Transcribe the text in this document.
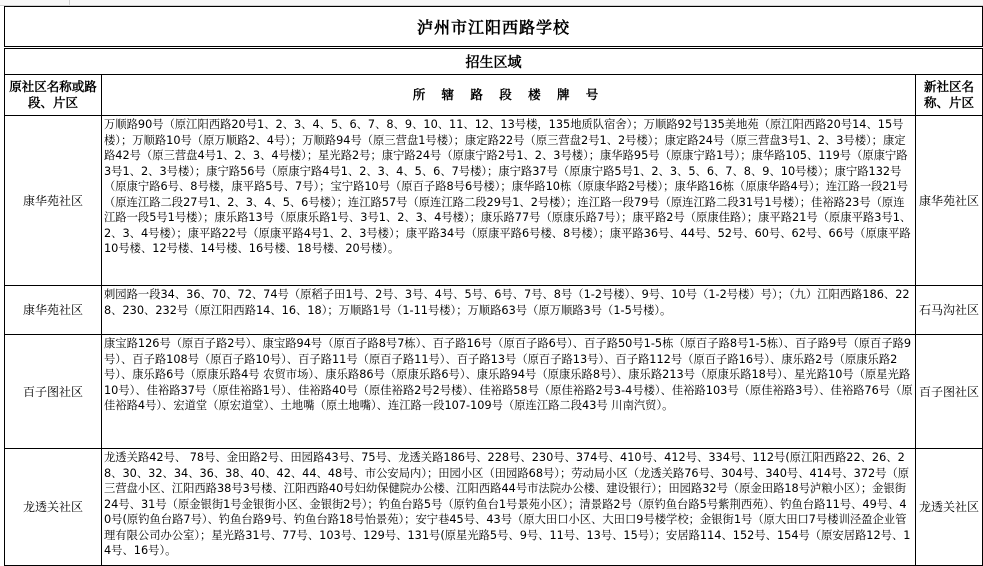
泸州市江阳西路学校		
招生区域		
原社区名称或路段、片区	所 辖 路 段 楼 牌 号	新社区名称、片区
康华苑社区	万顺路90号（原江阳西路20号1、2、3、4、5、6、7、8、9、10、11、12、13号楼，135地质队宿舍）；万顺路92号135美地苑（原江阳西路20号14、15号楼）；万顺路10号（原万顺路2、4号）；万顺路94号（原三营盘1号楼）；康定路22号（原三营盘2号1、2号楼）；康定路24号（原三营盘3号1、2、3号楼）；康定路42号（原三营盘4号1、2、3、4号楼）；星光路2号；康宁路24号（原康宁路2号1、2、3号楼）；康华路95号（原康宁路1号）；康华路105、119号（原康宁路3号1、2、3号楼）；康宁路56号（原康宁路4号1、2、3、4、5、6、7号楼）；康宁路37号（原康宁路5号1、2、3、5、6、7、8、9、10号楼）；康宁路132号（原康宁路6号、8号楼，康平路5号、7号）；宝宁路10号（原百子路8号6号楼）；康华路10栋（原康华路2号楼）；康华路16栋（原康华路4号）；连江路一段21号（原连江路二段27号1、2、3、4、5、6号楼）；连江路57号（原连江路二段29号1、2号楼）；连江路一段79号（原连江路二段31号1号楼）；佳裕路23号（原连江路一段5号1号楼）；康乐路13号（原康乐路1号、3号1、2、3、4号楼）；康乐路77号（原康乐路7号）；康平路2号（原康佳路）；康平路21号（原康平路3号1、2、3、4号楼）；康平路22号（原康平路4号1、2、3号楼）；康平路34号（原康平路6号楼、8号楼）；康平路36号、44号、52号、60号、62号、66号（原康平路10号楼、12号楼、14号楼、16号楼、18号楼、20号楼）。	康华苑社区
康华苑社区	刺园路一段34、36、70、72、74号（原稻子田1号、2号、3号、4号、5号、6号、7号、8号（1-2号楼）、9号、10号（1-2号楼）号）；（九）江阳西路186、228、230、232号（原江阳西路14、16、18）；万顺路1号（1-11号楼）；万顺路63号（原万顺路3号（1-5号楼）。	石马沟社区
百子图社区	康宝路126号（原百子路2号）、康宝路94号（原百子路8号7栋）、百子路16号（原百子路6号）、百子路50号1-5栋（原百子路8号1-5栋）、百子路9号（原百子路9号）、百子路108号（原百子路10号）、百子路11号（原百子路11号）、百子路13号（原百子路13号）、百子路112号（原百子路16号）、康乐路2号（原康乐路2号）、康乐路6号（原康乐路4号 农贸市场）、康乐路86号（原康乐路6号）、康乐路94号（原康乐路8号）、康乐路213号（原康乐路18号）、星光路10号（原星光路10号）、佳裕路37号（原佳裕路1号）、佳裕路40号（原佳裕路2号2号楼）、佳裕路58号（原佳裕路2号3-4号楼）、佳裕路103号（原佳裕路3号）、佳裕路76号（原佳裕路4号）、宏道堂（原宏道堂）、土地嘴（原土地嘴）、连江路一段107-109号（原连江路二段43号 川南汽贸）。	百子图社区
龙透关社区	龙透关路42号、 78号、金田路2号、田园路43号、75号、龙透关路186号、228号、230号、374号、410号、412号、334号、112号(原江阳西路22、26、28、30、32、34、36、38、40、42、44、48号、市公安局内）；田园小区（田园路68号）；劳动局小区（龙透关路76号、304号、340号、414号、372号（原三营盘小区、江阳西路38号3号楼、江阳西路40号妇幼保健院办公楼、江阳西路44号市法院办公楼、建设银行）；田园路32号（原金田路18号泸粮小区）；金银街24号、31号（原金银街1号金银街小区、金银街2号）；钓鱼台路5号（原钓鱼台1号景苑小区）；清景路2号（原钓鱼台路5号紫荆西苑）、钓鱼台路11号、49号、40号(原钓鱼台路7号）、钓鱼台路9号、钓鱼台路18号怡景苑）；安宁巷45号、43号（原大田口小区、大田口9号楼学校；金银街1号（原大田口7号楼训泾盈企业管理有限公司办公室）；星光路31号、77号、103号、129号、131号(原星光路5号、9号、11号、13号、15号）；安居路114、152号、154号（原安居路12号、14号、16号）。	龙透关社区
